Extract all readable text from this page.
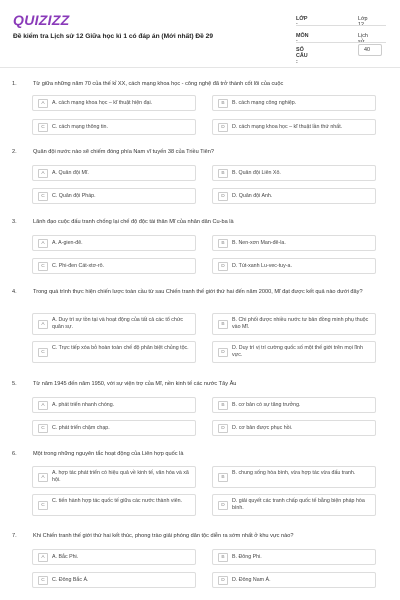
QUIZIZZ
Đề kiểm tra Lịch sử 12 Giữa học kì 1 có đáp án (Mới nhất) Đề 29
LỚP :
Lớp 12
MÔN :
Lịch sử
SỐ CÂU :
40
1.	Từ giữa những năm 70 của thế kỉ XX, cách mạng khoa học - công nghệ đã trở thành cốt lõi của cuộc
A	A. cách mạng khoa học – kĩ thuật hiện đại.	B	B. cách mạng công nghiệp.
C	C. cách mạng thông tin.	D	D. cách mạng khoa học – kĩ thuật lần thứ nhất.
2.	Quân đội nước nào sẽ chiếm đóng phía Nam vĩ tuyến 38 của Triều Tiên?
A	A. Quân đội Mĩ.	B	B. Quân đội Liên Xô.
C	C. Quân đội Pháp.	D	D. Quân đội Anh.
3.	Lãnh đạo cuộc đấu tranh chống lại chế độ độc tài thân Mĩ của nhân dân Cu-ba là
A	A. A-gien-đê.	B	B. Nen-xơn Man-đê-la.
C	C. Phi-đen Cát-xtơ-rô.	D	D. Tút-xanh Lu-vec-tuy-a.
4.	Trong quá trình thực hiện chiến lược toàn cầu từ sau Chiến tranh thế giới thứ hai đến năm 2000, Mĩ đạt được kết quả nào dưới đây?
A
A. Duy trì sự tồn tại và hoạt động của tất cả các tổ chức quân sự.	B
B. Chi phối được nhiều nước tư bản đồng minh phụ thuộc vào Mĩ.
C
C. Trực tiếp xóa bỏ hoàn toàn chế độ phân biệt chủng tộc.
D
D. Duy trì vị trí cường quốc số một thế giới trên mọi lĩnh vực.
5.	Từ năm 1945 đến năm 1950, với sự viện trợ của Mĩ, nền kinh tế các nước Tây Âu
A	A. phát triển nhanh chóng.	B	B. cơ bản có sự tăng trưởng.
C	C. phát triển chậm chạp.	D	D. cơ bản được phục hồi.
6.	Một trong những nguyên tắc hoạt động của Liên hợp quốc là
A
A. hợp tác phát triển có hiệu quả về kinh tế, văn hóa và xã hội.	B
B. chung sống hòa bình, vừa hợp tác vừa đấu tranh.
C
C. tiến hành hợp tác quốc tế giữa các nước thành viên.
D
D. giải quyết các tranh chấp quốc tế bằng biện pháp hòa bình.
7.	Khi Chiến tranh thế giới thứ hai kết thúc, phong trào giải phóng dân tộc diễn ra sớm nhất ở khu vực nào?
A	A. Bắc Phi.	B	B. Đông Phi.
C	C. Đông Bắc Á.	D	D. Đông Nam Á.
